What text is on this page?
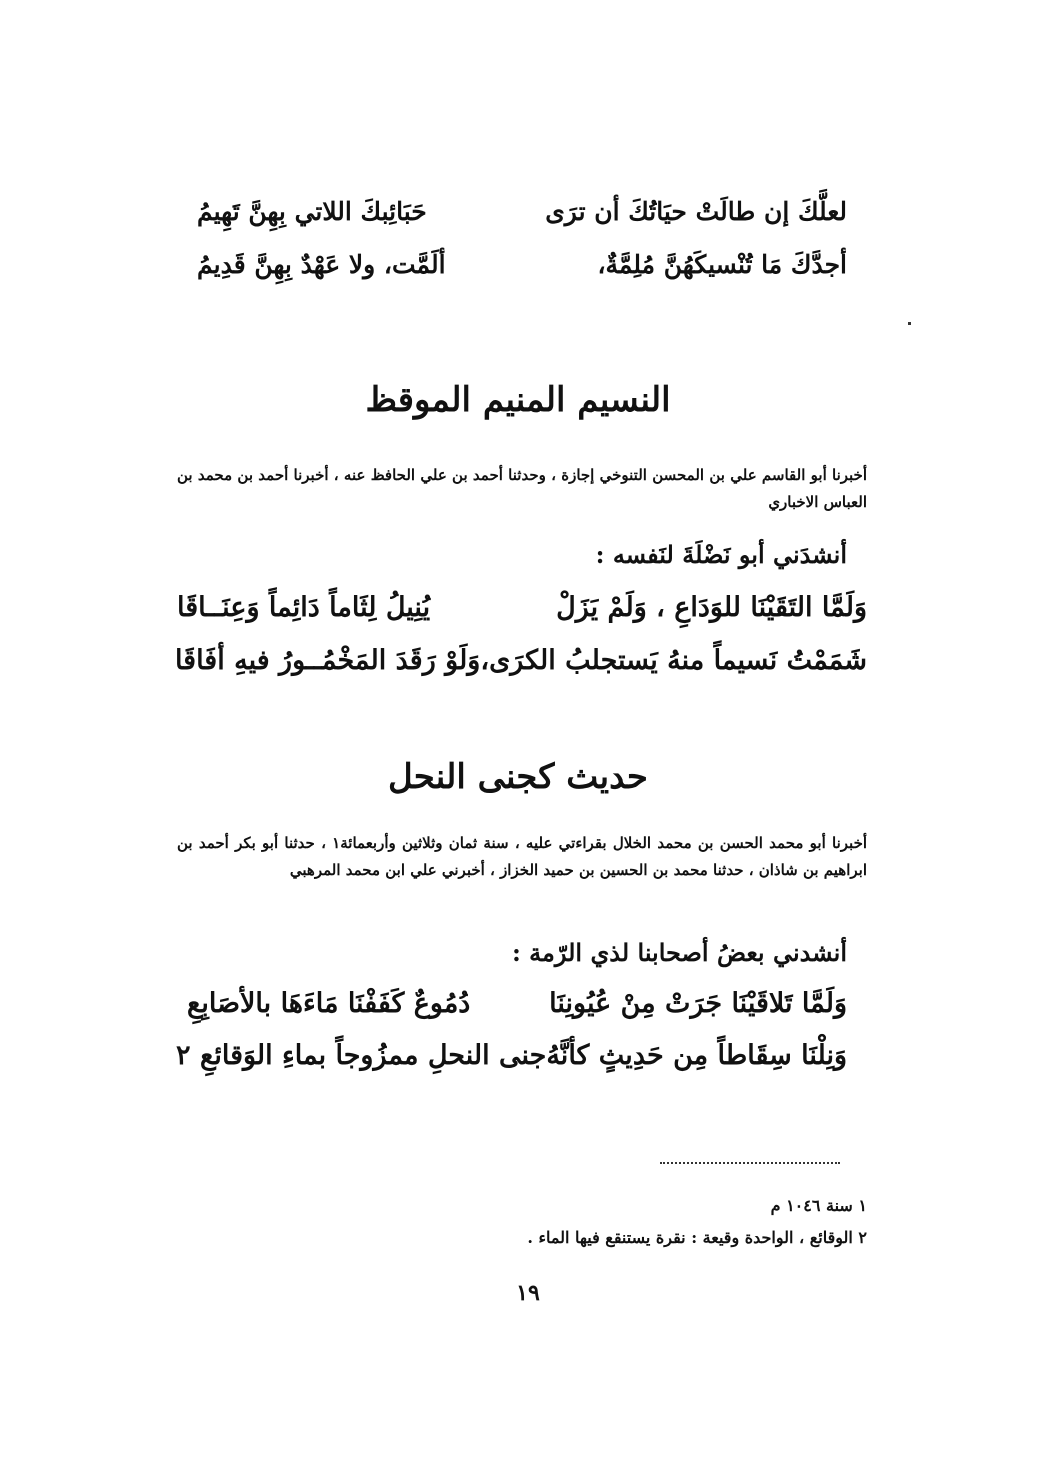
لعلَّكَ إن طالَتْ حيَاتُكَ أن ترَى
حَبَائِبكَ اللاتي بِهِنَّ تَهِيمُ
أجدَّكَ مَا تُنْسيكَهُنَّ مُلِمَّةٌ،
ألَمَّت، ولا عَهْدٌ بِهِنَّ قَدِيمُ
النسيم المنيم الموقظ
أخبرنا أبو القاسم علي بن المحسن التنوخي إجازة ، وحدثنا أحمد بن علي الحافظ عنه ، أخبرنا أحمد بن محمد بن العباس الاخباري
أنشدَني أبو نَضْلَةَ لنَفسه :
وَلَمَّا التَقَيْنَا للوَدَاعِ ، وَلَمْ يَزَلْ
يُنِيلُ لِثَاماً دَائِماً وَعِنَــاقَا
شَمَمْتُ نَسيماً منهُ يَستجلبُ الكرَى،
وَلَوْ رَقَدَ المَخْمُــورُ فيهِ أفَاقَا
حديث كجنى النحل
أخبرنا أبو محمد الحسن بن محمد الخلال بقراءتي عليه ، سنة ثمان وثلاثين وأربعمائة١ ، حدثنا أبو بكر أحمد بن ابراهيم بن شاذان ، حدثنا محمد بن الحسين بن حميد الخزاز ، أخبرني علي ابن محمد المرهبي
أنشدني بعضُ أصحابنا لذي الرّمة :
وَلَمَّا تَلاقَيْنَا جَرَتْ مِنْ عُيُونِنَا
دُمُوعٌ كَفَفْنَا مَاءَهَا بالأصَابِعِ
وَنِلْنَا سِقَاطاً مِن حَدِيثٍ كأنَّهُ
جنى النحلِ ممزُوجاً بماءِ الوَقائعِ ٢
١ سنة ١٠٤٦ م
٢ الوقائع ، الواحدة وقيعة : نقرة يستنقع فيها الماء .
١٩
